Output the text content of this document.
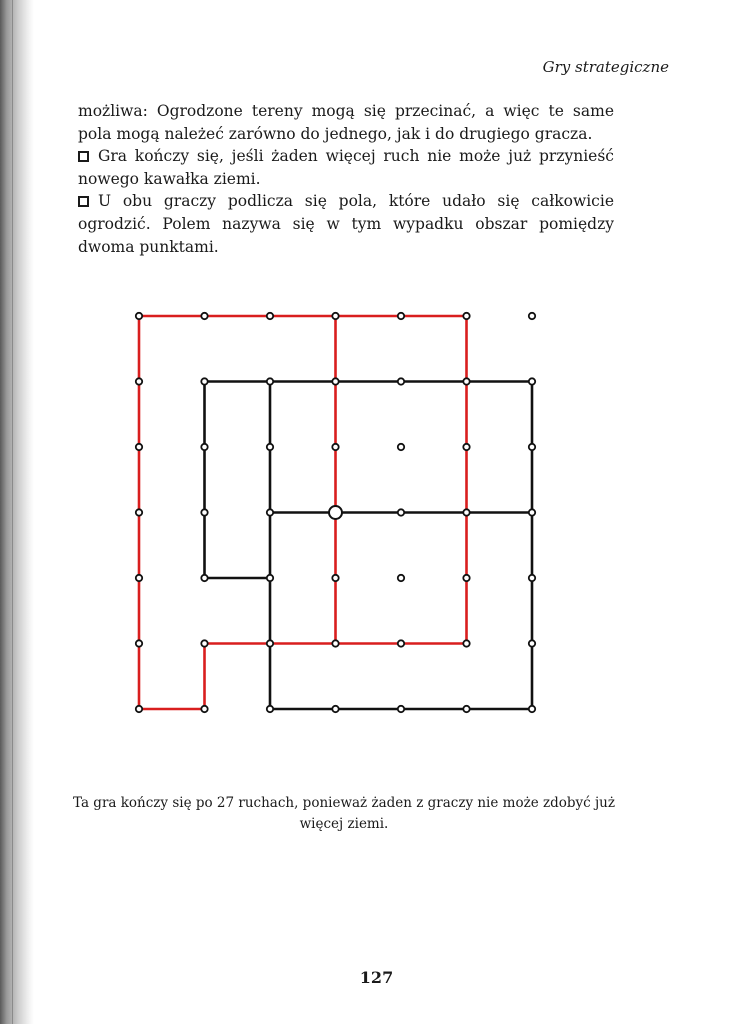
Gry strategiczne

możliwa: Ogrodzone tereny mogą się przecinać, a więc te same pola mogą należeć zarówno do jednego, jak i do drugiego gracza.

Gra kończy się, jeśli żaden więcej ruch nie może już przynieść nowego kawałka ziemi.

U obu graczy podlicza się pola, które udało się całkowicie ogrodzić. Polem nazywa się w tym wypadku obszar pomiędzy dwoma punktami.

Ta gra kończy się po 27 ruchach, ponieważ żaden z graczy nie może zdobyć już więcej ziemi.

127
